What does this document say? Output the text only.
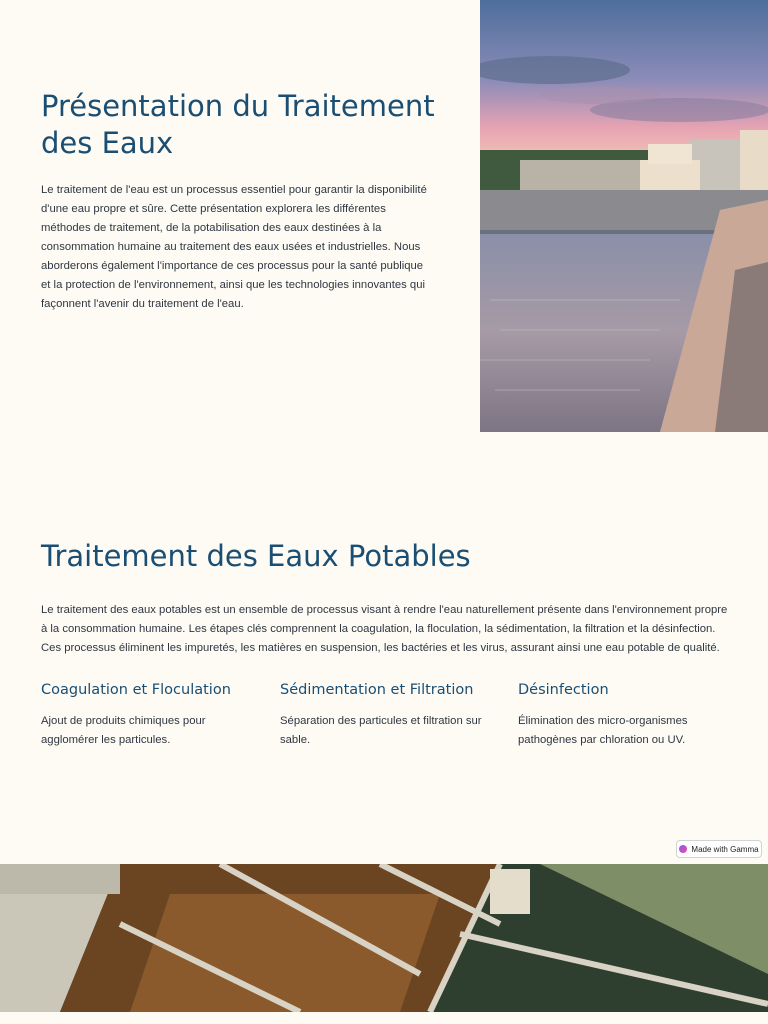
Présentation du Traitement des Eaux

Le traitement de l'eau est un processus essentiel pour garantir la disponibilité d'une eau propre et sûre. Cette présentation explorera les différentes méthodes de traitement, de la potabilisation des eaux destinées à la consommation humaine au traitement des eaux usées et industrielles. Nous aborderons également l'importance de ces processus pour la santé publique et la protection de l'environnement, ainsi que les technologies innovantes qui façonnent l'avenir du traitement de l'eau.

Traitement des Eaux Potables

Le traitement des eaux potables est un ensemble de processus visant à rendre l'eau naturellement présente dans l'environnement propre à la consommation humaine. Les étapes clés comprennent la coagulation, la floculation, la sédimentation, la filtration et la désinfection. Ces processus éliminent les impuretés, les matières en suspension, les bactéries et les virus, assurant ainsi une eau potable de qualité.

Coagulation et Floculation

Ajout de produits chimiques pour agglomérer les particules.

Sédimentation et Filtration

Séparation des particules et filtration sur sable.

Désinfection

Élimination des micro-organismes pathogènes par chloration ou UV.

Made with Gamma
